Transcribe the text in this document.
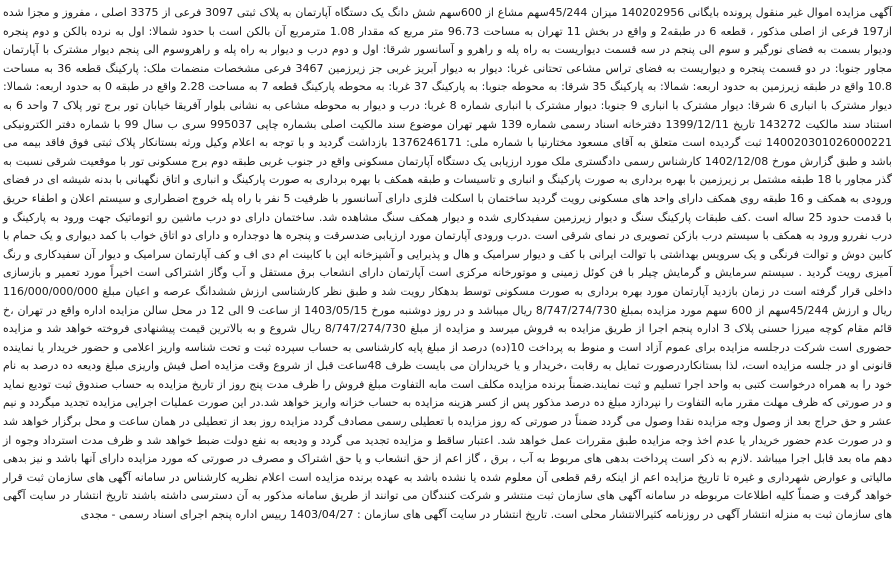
آگهی مزایده اموال غیر منقول پرونده بایگانی 140202956 میزان 45/244سهم مشاع از 600سهم شش دانگ یک دستگاه آپارتمان به پلاک ثبتی 3097 فرعی از 3375 اصلی ، مفروز و مجزا شده از197 فرعی از اصلی مذکور ، قطعه 6 در طبقه2 و واقع در بخش 11 تهران به مساحت 96.73 متر مربع که مقدار 1.08 مترمربع آن بالکن است با حدود شمالا: اول به نرده بالکن و دوم پنجره ودیوار بسمت به فضای نورگیر و سوم الی پنجم در سه قسمت دیواریست به راه پله و راهرو و آسانسور شرقا: اول و دوم درب و دیوار به راه پله و راهروسوم الی پنجم دیوار مشترک با آپارتمان مجاور جنوبا: در دو قسمت پنجره و دیواریست به فضای تراس مشاعی تحتانی غربا: دیوار به دیوار آبریز غربی جز زیرزمین 3467 فرعی مشخصات منضمات ملک: پارکینگ قطعه 36 به مساحت 10.8 واقع در طبقه زیرزمین به حدود اربعه: شمالا: به پارکینگ 35 شرقا: به محوطه جنوبا: به پارکینگ 37 غربا: به محوطه پارکینگ قطعه 7 به مساحت 2.28 واقع در طبقه 0 به حدود اربعه: شمالا: دیوار مشترک با انباری 6 شرقا: دیوار مشترک با انباری 9 جنوبا: دیوار مشترک با انباری شماره 8 غربا: درب و دیوار به محوطه مشاعی به نشانی بلوار آفریقا خیابان تور برج تور پلاک 7 واحد 6 به استناد سند مالکیت 143272 تاریخ 1399/12/11 دفترخانه اسناد رسمی شماره 139 شهر تهران موضوع سند مالکیت اصلی بشماره چاپی 995037 سری ب سال 99 با شماره دفتر الکترونیکی 140020301026000221 ثبت گردیده است متعلق به آقای مسعود مختارنیا با شماره ملی: 1376246171 بازداشت گردید و با توجه به اعلام وکیل ورثه بستانکار پلاک ثبتی فوق فاقد بیمه می باشد و طبق گزارش مورخ 1402/12/08 کارشناس رسمی دادگستری ملک مورد ارزیابی یک دستگاه آپارتمان مسکونی واقع در جنوب غربی طبقه دوم برج مسکونی تور با موقعیت شرقی نسبت به گذر مجاور با 18 طبقه مشتمل بر زیرزمین با بهره برداری به صورت پارکینگ و انباری و تاسیسات و طبقه همکف با بهره برداری به صورت پارکینگ و انباری و اتاق نگهبانی با بدنه شیشه ای در فضای ورودی به همکف و 16 طبقه روی همکف دارای واحد های مسکونی رویت گردید ساختمان با اسکلت فلزی دارای آسانسور با ظرفیت 5 نفر با راه پله خروج اضطراری و سیستم اعلان و اطفاء حریق با قدمت حدود 25 ساله است .کف طبقات پارکینگ سنگ و دیوار زیرزمین سفیدکاری شده و دیوار همکف سنگ مشاهده شد. ساختمان دارای دو درب ماشین رو اتوماتیک جهت ورود به پارکینگ و درب نفررو ورود به همکف با سیستم درب بازکن تصویری در نمای شرقی است .درب ورودی آپارتمان مورد ارزیابی ضدسرقت و پنجره ها دوجداره و دارای دو اتاق خواب با کمد دیواری و یک حمام با کابین دوش و توالت فرنگی و یک سرویس بهداشتی با توالت ایرانی با کف و دیوار سرامیک و هال و پذیرایی و آشپزخانه اپن با کابینت ام دی اف و کف آپارتمان سرامیک و دیوار آن سفیدکاری و رنگ آمیزی رویت گردید . سیستم سرمایش و گرمایش چیلر با فن کوئل زمینی و موتورخانه مرکزی است آپارتمان دارای انشعاب برق مستقل و آب وگاز اشتراکی است اخیراً مورد تعمیر و بازسازی داخلی قرار گرفته است در زمان بازدید آپارتمان مورد بهره برداری به صورت مسکونی توسط بدهکار رویت شد و طبق نظر کارشناسی ارزش ششدانگ عرصه و اعیان مبلغ 116/000/000/000 ریال و ارزش 45/244سهم از 600 سهم مورد مزایده بمبلغ 8/747/274/730 ریال میباشد و در روز دوشنبه مورخ 1403/05/15 از ساعت 9 الی 12 در محل سالن مزایده اداره واقع در تهران ،خ قائم مقام کوچه میرزا حسنی پلاک 3 اداره پنجم اجرا از طریق مزایده به فروش میرسد و مزایده از مبلغ 8/747/274/730 ریال شروع و به بالاترین قیمت پیشنهادی فروخته خواهد شد و مزایده حضوری است شرکت درجلسه مزایده برای عموم آزاد است و منوط به پرداخت 10(ده) درصد از مبلغ پایه کارشناسی به حساب سپرده ثبت و تحت شناسه واریز اعلامی و حضور خریدار یا نماینده قانونی او در جلسه مزایده است، لذا بستانکاردرصورت تمایل به رقابت ،خریدار و یا خریداران می بایست ظرف 48ساعت قبل از شروع وقت مزایده اصل فیش واریزی مبلغ ودیعه ده درصد به نام خود را به همراه درخواست کتبی به واحد اجرا تسلیم و ثبت نمایند.ضمناً برنده مزایده مکلف است مابه التفاوت مبلغ فروش را ظرف مدت پنج روز از تاریخ مزایده به حساب صندوق ثبت تودیع نماید و در صورتی که ظرف مهلت مقرر مابه التفاوت را نپردازد مبلغ ده درصد مذکور پس از کسر هزینه مزایده به حساب خزانه واریز خواهد شد.در این صورت عملیات اجرایی مزایده تجدید میگردد و نیم عشر و حق حراج بعد از وصول وجه مزایده نقدا وصول می گردد ضمناً در صورتی که روز مزایده با تعطیلی رسمی مصادف گردد مزایده روز بعد از تعطیلی در همان ساعت و محل برگزار خواهد شد و در صورت عدم حضور خریدار یا عدم اخذ وجه مزایده طبق مقررات عمل خواهد شد. اعتبار ساقط و مزایده تجدید می گردد و ودیعه به نفع دولت ضبط خواهد شد و ظرف مدت استرداد وجوه از دهم ماه بعد قابل اجرا میباشد .لازم به ذکر است پرداخت بدهی های مربوط به آب ، برق ، گاز اعم از حق انشعاب و یا حق اشتراک و مصرف در صورتی که مورد مزایده دارای آنها باشد و نیز بدهی مالیاتی و عوارض شهرداری و غیره تا تاریخ مزایده اعم از اینکه رقم قطعی آن معلوم شده یا نشده باشد به عهده برنده مزایده است اعلام نظریه کارشناس در سامانه آگهی های سازمان ثبت قرار خواهد گرفت و ضمناً کلیه اطلاعات مربوطه در سامانه آگهی های سازمان ثبت منتشر و شرکت کنندگان می توانند از طریق سامانه مذکور به آن دسترسی داشته باشند تاریخ انتشار در سایت آگهی های سازمان ثبت به منزله انتشار آگهی در روزنامه کثیرالانتشار محلی است. تاریخ انتشار در سایت آگهی های سازمان : 1403/04/27 رییس اداره پنجم اجرای اسناد رسمی - مجدی
